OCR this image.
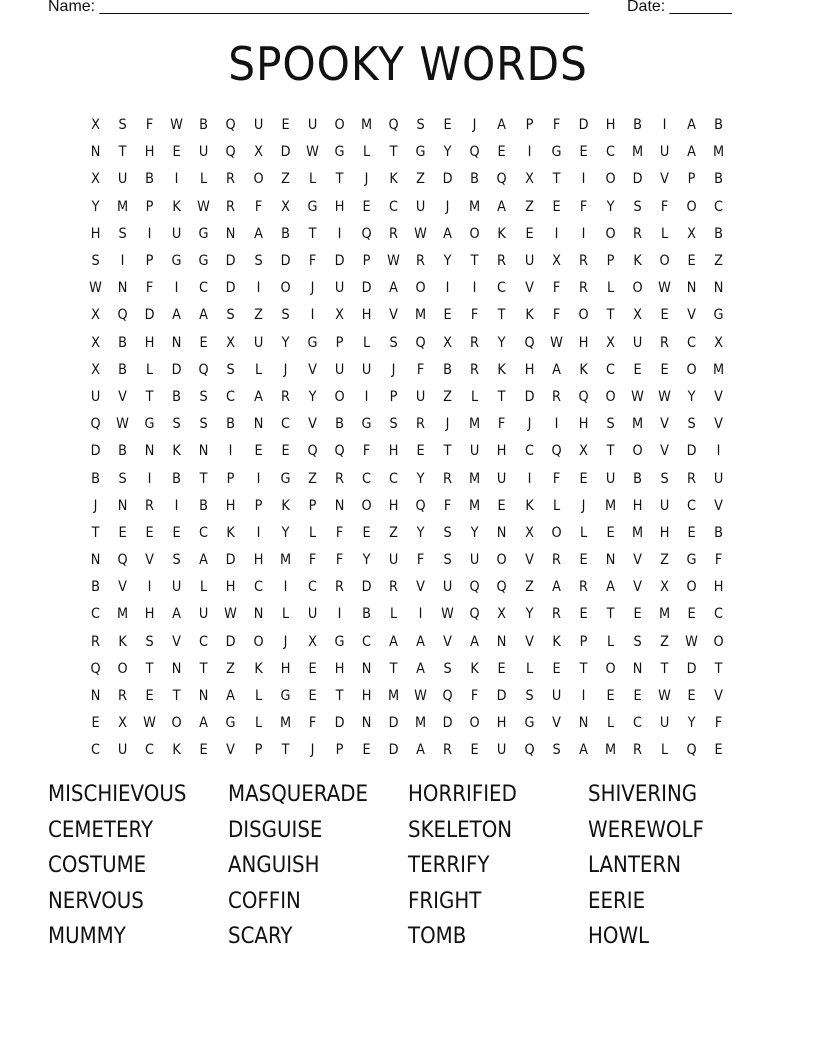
Name: _______________________________________________________ Date: _______
SPOOKY WORDS
X	S	F	W	B	Q	U	E	U	O	M	Q	S	E	J	A	P	F	D	H	B	I	A	B
N	T	H	E	U	Q	X	D	W	G	L	T	G	Y	Q	E	I	G	E	C	M	U	A	M
X	U	B	I	L	R	O	Z	L	T	J	K	Z	D	B	Q	X	T	I	O	D	V	P	B
Y	M	P	K	W	R	F	X	G	H	E	C	U	J	M	A	Z	E	F	Y	S	F	O	C
H	S	I	U	G	N	A	B	T	I	Q	R	W	A	O	K	E	I	I	O	R	L	X	B
S	I	P	G	G	D	S	D	F	D	P	W	R	Y	T	R	U	X	R	P	K	O	E	Z
W	N	F	I	C	D	I	O	J	U	D	A	O	I	I	C	V	F	R	L	O	W	N	N
X	Q	D	A	A	S	Z	S	I	X	H	V	M	E	F	T	K	F	O	T	X	E	V	G
X	B	H	N	E	X	U	Y	G	P	L	S	Q	X	R	Y	Q	W	H	X	U	R	C	X
X	B	L	D	Q	S	L	J	V	U	U	J	F	B	R	K	H	A	K	C	E	E	O	M
U	V	T	B	S	C	A	R	Y	O	I	P	U	Z	L	T	D	R	Q	O	W	W	Y	V
Q	W	G	S	S	B	N	C	V	B	G	S	R	J	M	F	J	I	H	S	M	V	S	V
D	B	N	K	N	I	E	E	Q	Q	F	H	E	T	U	H	C	Q	X	T	O	V	D	I
B	S	I	B	T	P	I	G	Z	R	C	C	Y	R	M	U	I	F	E	U	B	S	R	U
J	N	R	I	B	H	P	K	P	N	O	H	Q	F	M	E	K	L	J	M	H	U	C	V
T	E	E	E	C	K	I	Y	L	F	E	Z	Y	S	Y	N	X	O	L	E	M	H	E	B
N	Q	V	S	A	D	H	M	F	F	Y	U	F	S	U	O	V	R	E	N	V	Z	G	F
B	V	I	U	L	H	C	I	C	R	D	R	V	U	Q	Q	Z	A	R	A	V	X	O	H
C	M	H	A	U	W	N	L	U	I	B	L	I	W	Q	X	Y	R	E	T	E	M	E	C
R	K	S	V	C	D	O	J	X	G	C	A	A	V	A	N	V	K	P	L	S	Z	W	O
Q	O	T	N	T	Z	K	H	E	H	N	T	A	S	K	E	L	E	T	O	N	T	D	T
N	R	E	T	N	A	L	G	E	T	H	M	W	Q	F	D	S	U	I	E	E	W	E	V
E	X	W	O	A	G	L	M	F	D	N	D	M	D	O	H	G	V	N	L	C	U	Y	F
C	U	C	K	E	V	P	T	J	P	E	D	A	R	E	U	Q	S	A	M	R	L	Q	E
MISCHIEVOUS	MASQUERADE	HORRIFIED	SHIVERING
CEMETERY	DISGUISE	SKELETON	WEREWOLF
COSTUME	ANGUISH	TERRIFY	LANTERN
NERVOUS	COFFIN	FRIGHT	EERIE
MUMMY	SCARY	TOMB	HOWL
